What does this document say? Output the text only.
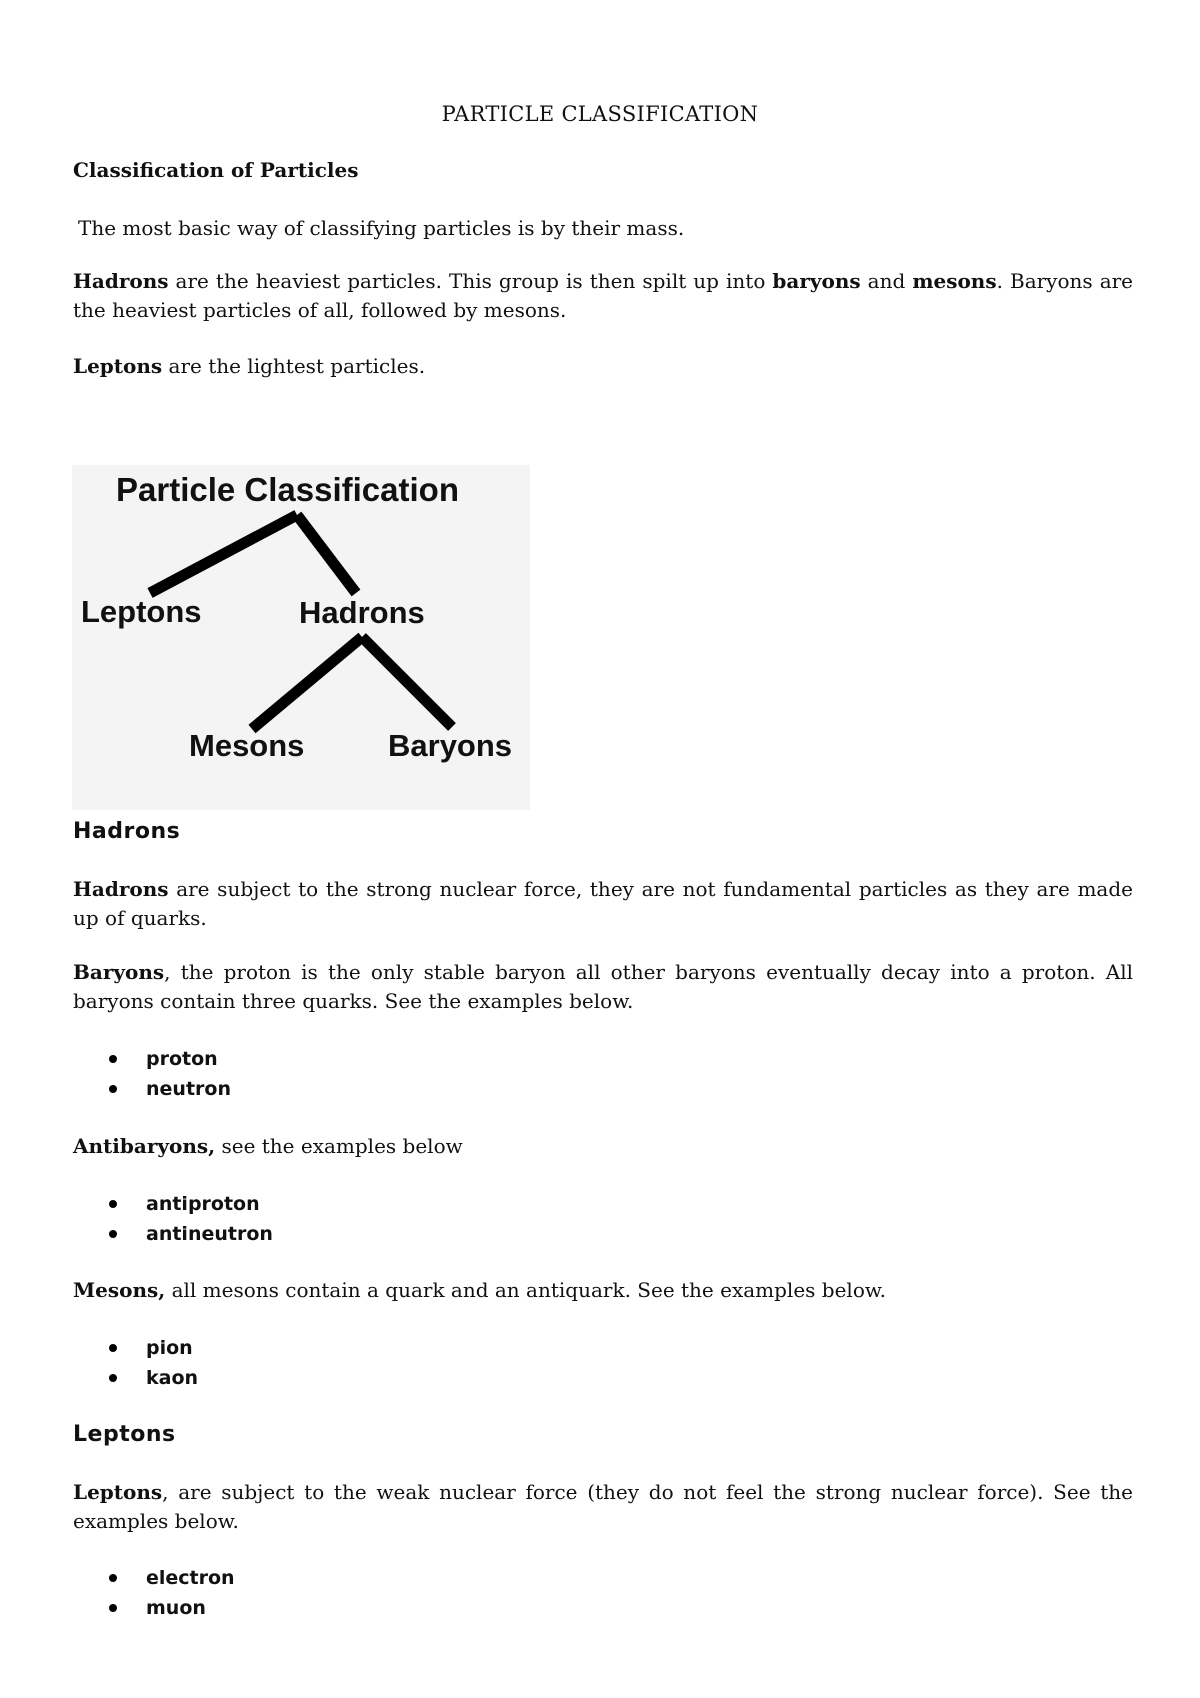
PARTICLE CLASSIFICATION

Classification of Particles

The most basic way of classifying particles is by their mass.

Hadrons are the heaviest particles. This group is then spilt up into baryons and mesons. Baryons are the heaviest particles of all, followed by mesons.

Leptons are the lightest particles.

Particle Classification
Leptons	Hadrons
Mesons	Baryons

Hadrons

Hadrons are subject to the strong nuclear force, they are not fundamental particles as they are made up of quarks.

Baryons, the proton is the only stable baryon all other baryons eventually decay into a proton. All baryons contain three quarks. See the examples below.

proton
neutron

Antibaryons, see the examples below

antiproton
antineutron

Mesons, all mesons contain a quark and an antiquark. See the examples below.

pion
kaon

Leptons

Leptons, are subject to the weak nuclear force (they do not feel the strong nuclear force). See the examples below.

electron
muon
